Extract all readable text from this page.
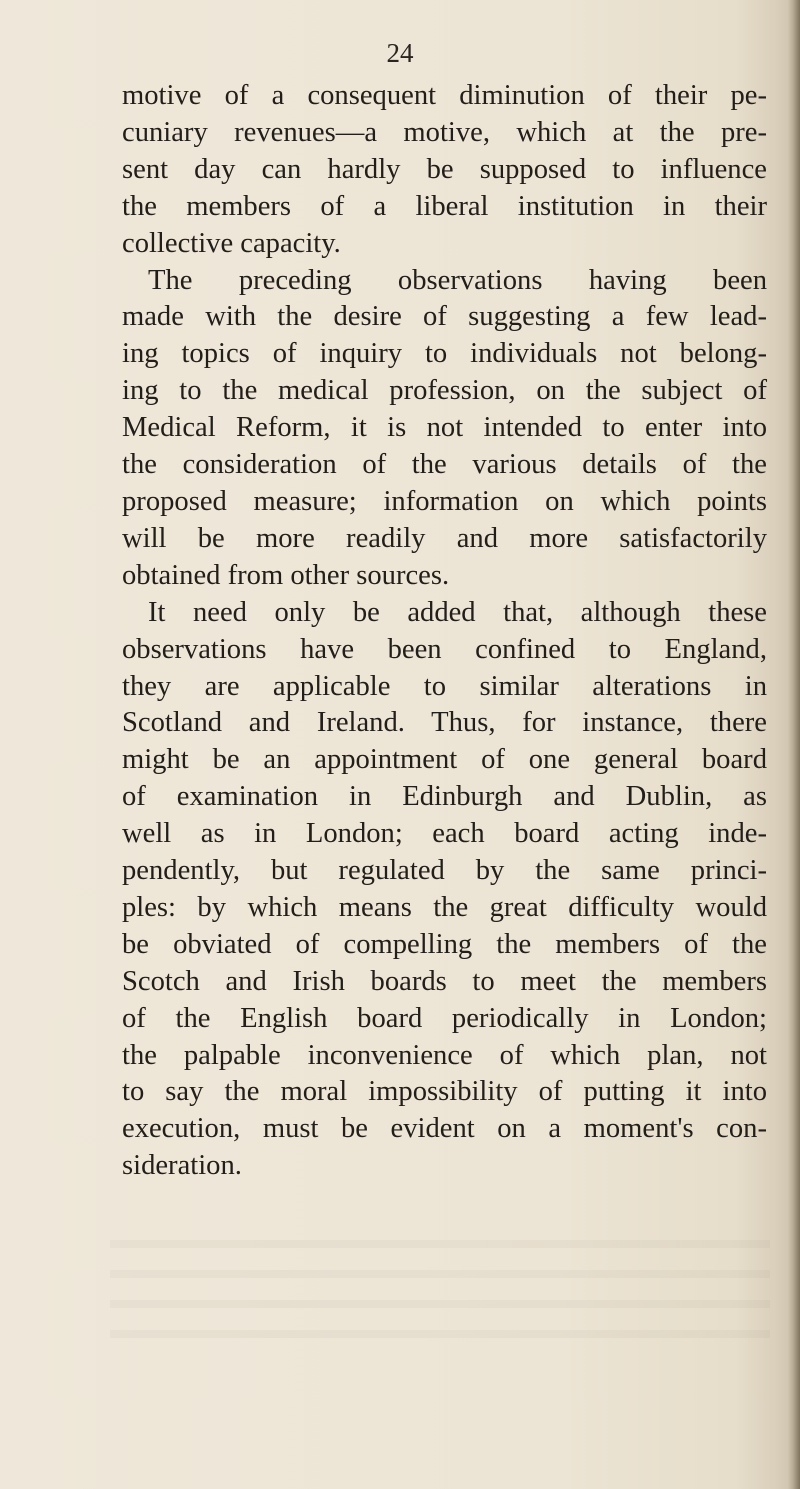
24
motive of a consequent diminution of their pe-
cuniary revenues—a motive, which at the pre-
sent day can hardly be supposed to influence
the members of a liberal institution in their
collective capacity.
The preceding observations having been
made with the desire of suggesting a few lead-
ing topics of inquiry to individuals not belong-
ing to the medical profession, on the subject of
Medical Reform, it is not intended to enter into
the consideration of the various details of the
proposed measure; information on which points
will be more readily and more satisfactorily
obtained from other sources.
It need only be added that, although these
observations have been confined to England,
they are applicable to similar alterations in
Scotland and Ireland. Thus, for instance, there
might be an appointment of one general board
of examination in Edinburgh and Dublin, as
well as in London; each board acting inde-
pendently, but regulated by the same princi-
ples: by which means the great difficulty would
be obviated of compelling the members of the
Scotch and Irish boards to meet the members
of the English board periodically in London;
the palpable inconvenience of which plan, not
to say the moral impossibility of putting it into
execution, must be evident on a moment's con-
sideration.
